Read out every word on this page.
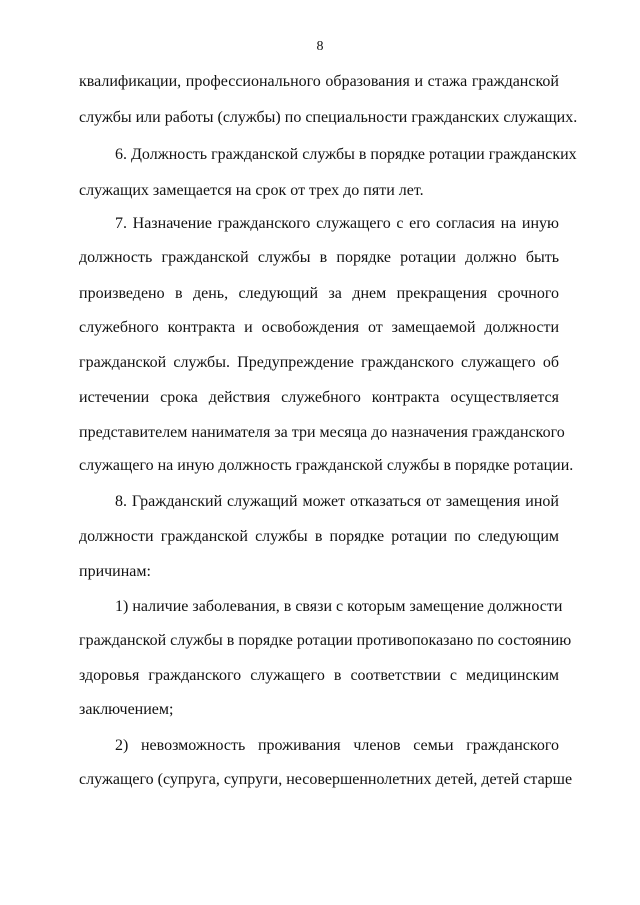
8
квалификации, профессионального образования и стажа гражданской
службы или работы (службы) по специальности гражданских служащих.
6. Должность гражданской службы в порядке ротации гражданских
служащих замещается на срок от трех до пяти лет.
7. Назначение гражданского служащего с его согласия на иную
должность гражданской службы в порядке ротации должно быть
произведено в день, следующий за днем прекращения срочного
служебного контракта и освобождения от замещаемой должности
гражданской службы. Предупреждение гражданского служащего об
истечении срока действия служебного контракта осуществляется
представителем нанимателя за три месяца до назначения гражданского
служащего на иную должность гражданской службы в порядке ротации.
8. Гражданский служащий может отказаться от замещения иной
должности гражданской службы в порядке ротации по следующим
причинам:
1) наличие заболевания, в связи с которым замещение должности
гражданской службы в порядке ротации противопоказано по состоянию
здоровья гражданского служащего в соответствии с медицинским
заключением;
2) невозможность проживания членов семьи гражданского
служащего (супруга, супруги, несовершеннолетних детей, детей старше
